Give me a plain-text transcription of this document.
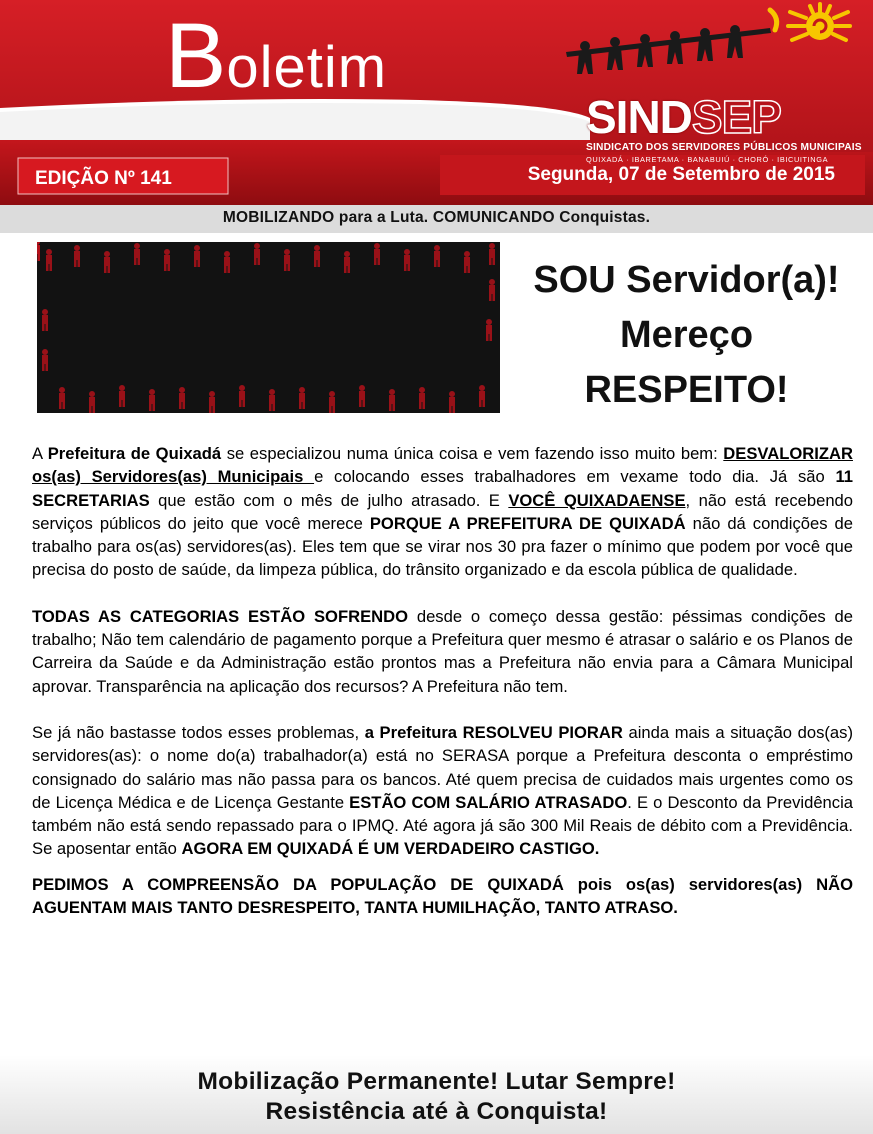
Boletim
SINDSEP
SINDICATO DOS SERVIDORES PÚBLICOS MUNICIPAIS
QUIXADÁ · IBARETAMA · BANABUIÚ · CHORÓ · IBICUITINGA
EDIÇÃO Nº 141	Segunda, 07 de Setembro de 2015
MOBILIZANDO para a Luta. COMUNICANDO Conquistas.
SOU Servidor(a)!
Mereço
RESPEITO!

A Prefeitura de Quixadá se especializou numa única coisa e vem fazendo isso muito bem: DESVALORIZAR os(as) Servidores(as) Municipais e colocando esses trabalhadores em vexame todo dia. Já são 11 SECRETARIAS que estão com o mês de julho atrasado. E VOCÊ QUIXADAENSE, não está recebendo serviços públicos do jeito que você merece PORQUE A PREFEITURA DE QUIXADÁ não dá condições de trabalho para os(as) servidores(as). Eles tem que se virar nos 30 pra fazer o mínimo que podem por você que precisa do posto de saúde, da limpeza pública, do trânsito organizado e da escola pública de qualidade.

TODAS AS CATEGORIAS ESTÃO SOFRENDO desde o começo dessa gestão: péssimas condições de trabalho; Não tem calendário de pagamento porque a Prefeitura quer mesmo é atrasar o salário e os Planos de Carreira da Saúde e da Administração estão prontos mas a Prefeitura não envia para a Câmara Municipal aprovar. Transparência na aplicação dos recursos? A Prefeitura não tem.

Se já não bastasse todos esses problemas, a Prefeitura RESOLVEU PIORAR ainda mais a situação dos(as) servidores(as): o nome do(a) trabalhador(a) está no SERASA porque a Prefeitura desconta o empréstimo consignado do salário mas não passa para os bancos. Até quem precisa de cuidados mais urgentes como os de Licença Médica e de Licença Gestante ESTÃO COM SALÁRIO ATRASADO. E o Desconto da Previdência também não está sendo repassado para o IPMQ. Até agora já são 300 Mil Reais de débito com a Previdência. Se aposentar então AGORA EM QUIXADÁ É UM VERDADEIRO CASTIGO.

PEDIMOS A COMPREENSÃO DA POPULAÇÃO DE QUIXADÁ pois os(as) servidores(as) NÃO AGUENTAM MAIS TANTO DESRESPEITO, TANTA HUMILHAÇÃO, TANTO ATRASO.

Mobilização Permanente! Lutar Sempre!
Resistência até à Conquista!
